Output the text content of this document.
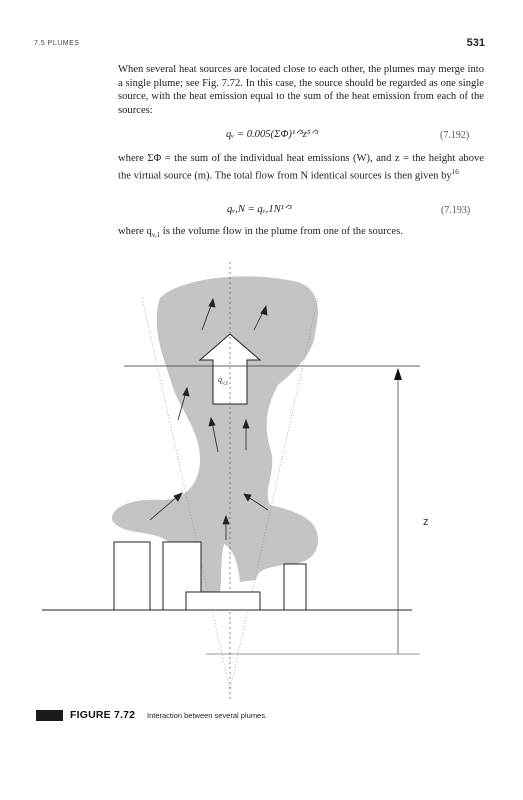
7.5 PLUMES	531
When several heat sources are located close to each other, the plumes may merge into a single plume; see Fig. 7.72. In this case, the source should be regarded as one single source, with the heat emission equal to the sum of the heat emission from each of the sources:
qᵥ = 0.005(ΣΦ)¹ᐟ³z⁵ᐟ³	(7.192)
where ΣΦ = the sum of the individual heat emissions (W), and z = the height above the virtual source (m). The total flow from N identical sources is then given $by^{16}$
qᵥ,N = qᵥ,1N¹ᐟ³	(7.193)
where $q_{v,1}$ is the volume flow in the plume from one of the sources.
$q_{v,z}$
z
FIGURE 7.72 Interaction between several plumes.
